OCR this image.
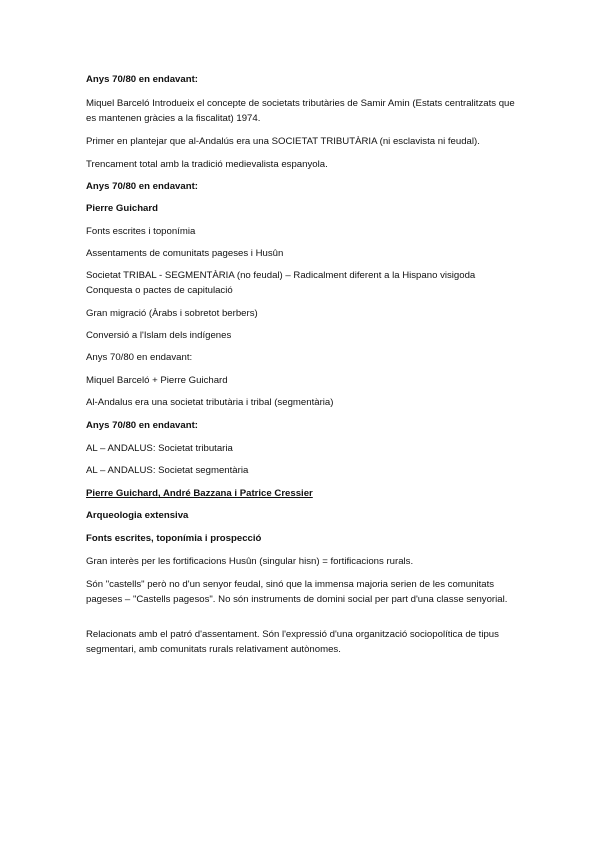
Anys 70/80 en endavant:

Miquel Barceló Introdueix el concepte de societats tributàries de Samir Amin (Estats centralitzats que es mantenen gràcies a la fiscalitat) 1974.

Primer en plantejar que al-Andalús era una SOCIETAT TRIBUTÀRIA (ni esclavista ni feudal).

Trencament total amb la tradició medievalista espanyola.

Anys 70/80 en endavant:

Pierre Guichard

Fonts escrites i toponímia

Assentaments de comunitats pageses i Husûn

Societat TRIBAL - SEGMENTÀRIA (no feudal) – Radicalment diferent a la Hispano visigoda

Conquesta o pactes de capitulació

Gran migració (Àrabs i sobretot berbers)

Conversió a l'Islam dels indígenes

Anys 70/80 en endavant:

Miquel Barceló + Pierre Guichard

Al-Andalus era una societat tributària i tribal (segmentària)

Anys 70/80 en endavant:

AL – ANDALUS: Societat tributaria

AL – ANDALUS: Societat segmentària

Pierre Guichard, André Bazzana i Patrice Cressier

Arqueologia extensiva

Fonts escrites, toponímia i prospecció

Gran interès per les fortificacions Husûn (singular hisn) = fortificacions rurals.

Són "castells" però no d'un senyor feudal, sinó que la immensa majoria serien de les comunitats pageses – "Castells pagesos". No són instruments de domini social per part d'una classe senyorial.

Relacionats amb el patró d'assentament. Són l'expressió d'una organització sociopolítica de tipus segmentari, amb comunitats rurals relativament autònomes.
